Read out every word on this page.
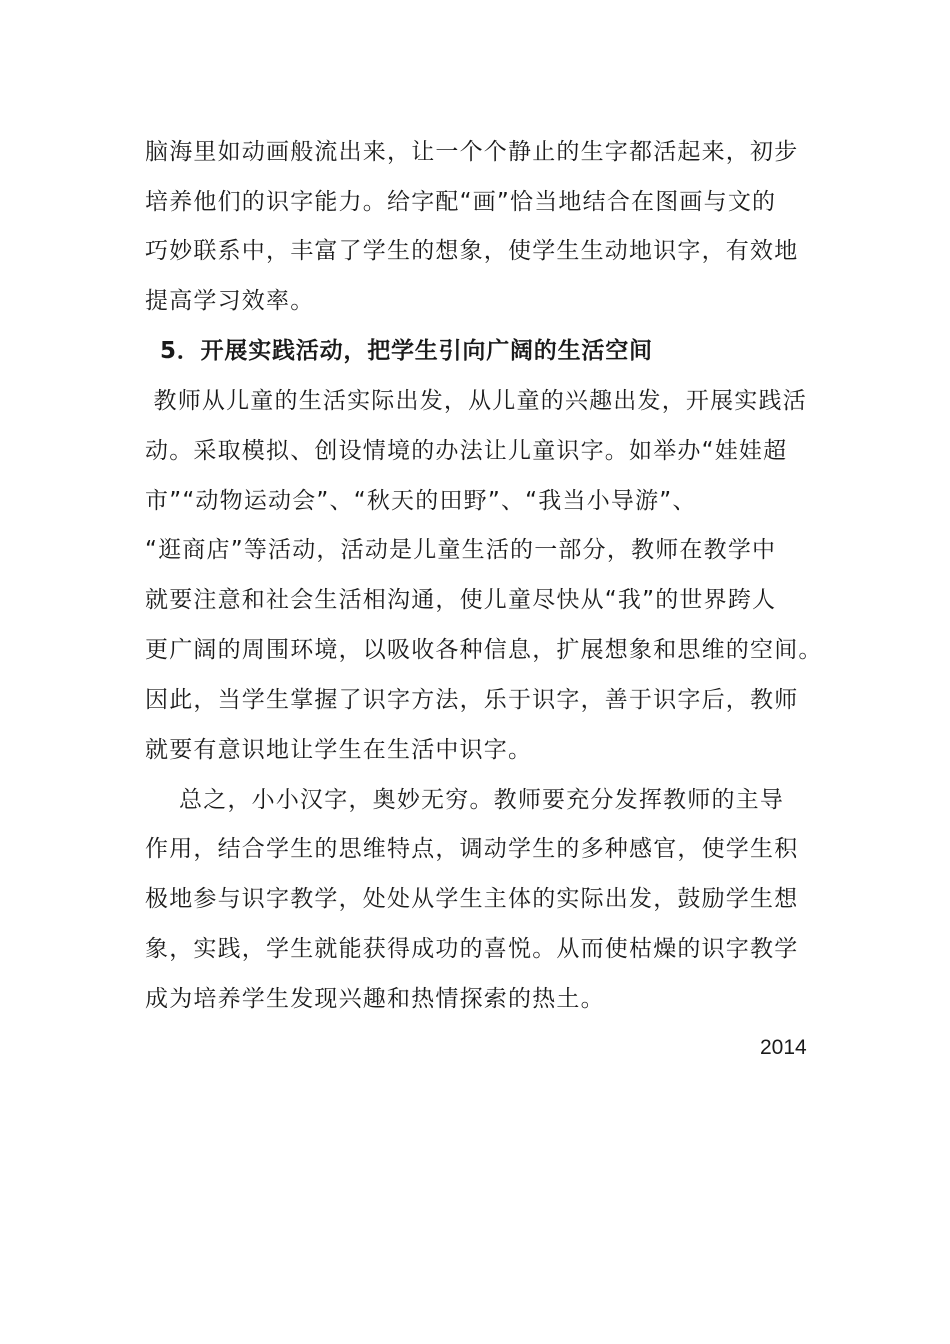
脑海里如动画般流出来，让一个个静止的生字都活起来，初步
培养他们的识字能力。给字配“画”恰当地结合在图画与文的
巧妙联系中，丰富了学生的想象，使学生生动地识字，有效地
提高学习效率。
5．开展实践活动，把学生引向广阔的生活空间
教师从儿童的生活实际出发，从儿童的兴趣出发，开展实践活
动。采取模拟、创设情境的办法让儿童识字。如举办“娃娃超
市”“动物运动会”、“秋天的田野”、“我当小导游”、
“逛商店”等活动，活动是儿童生活的一部分，教师在教学中
就要注意和社会生活相沟通，使儿童尽快从“我”的世界跨人
更广阔的周围环境，以吸收各种信息，扩展想象和思维的空间。
因此，当学生掌握了识字方法，乐于识字，善于识字后，教师
就要有意识地让学生在生活中识字。
总之，小小汉字，奥妙无穷。教师要充分发挥教师的主导
作用，结合学生的思维特点，调动学生的多种感官，使学生积
极地参与识字教学，处处从学生主体的实际出发，鼓励学生想
象，实践，学生就能获得成功的喜悦。从而使枯燥的识字教学
成为培养学生发现兴趣和热情探索的热土。
2014
